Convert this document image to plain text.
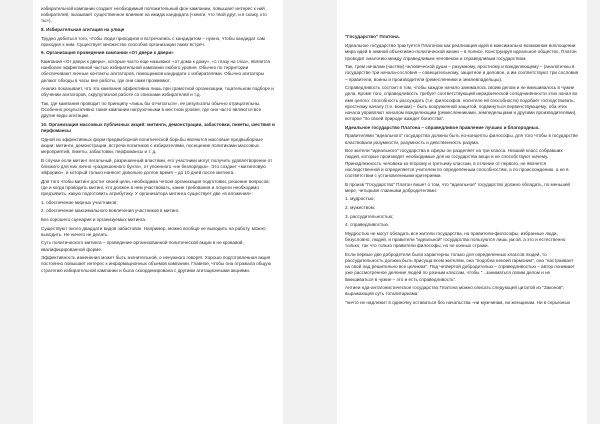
избирательной кампании создает необходимый положительный фон кампании, повышает интерес к ней избирателей, оказывает существенное влияние на имидж кандидата («книги, что твой друг, и я скажу, кто ты»).

8. Избирательная агитация на улице

Трудно добиться того, чтобы люди приходили и встречались с кандидатом – нужно, чтобы кандидат сам приходил к ним. Существует множество способов организации таких встреч.

9. Организация проведения кампании «От двери к двери»

Кампания «От двери к двери», которые часто еще называют «от дома к дому», «с глазу на глаз», является наиболее эффективной частью избирательной кампании любого уровня. Обычно по территории обеспечивают личные контакты агитаторов, помощников кандидата с избирателями. Обычно агитаторы делают обходы в часы вне работы, где они сами проживают.

Анализ показывает, что эта кампания эффективна лишь при грамотной организации, тщательном подборе и обучении агитаторов, скрупулезной работе со списками избирателей и т.д.

Так, где кампания проводит по принципу «лишь бы отчитаться», ее результаты обычно отрицательны. Особенно результативно такие кампании нагрузочными в местном уровне, где они часто являются все другие виды агитации.

10. Организация массовых публичных акций: митинги, демонстрации, забастовки, пикеты, шествия и перфомансы

Одной из эффективных форм предвыборной политической борьбы являются массовые предвыборные акции: митинги, демонстрации, встречи политиков с избирателями, посещение политиками массовых мероприятий, пикеты, забастовки, перфомансы и т. д.

В случае если митинг легальный, разрешенный властями, его участники могут получить удовлетворение от близкого для них лично «разрешенного бунта», от упоенного «не безпорядка». Это создает «митинговую эйфорию», и который только нанесет довольно долгое время – до 10 дней после митинга.

Для того чтобы митинг достиг своей цели, необходима четкая организация подготовки, решение вопросов: где и когда проводить митинг, кто должен в нем участвовать, какие требования и лозунги необходимо предъявить, какую подготовить атрибутику. У организатора митинга существует две «в вложения»:

1. обеспечение мирных участников;

2. обеспечение максимального вовлечения участников в митинг.

Без хорошего сценария и организуемых митинга.

Существуют около двадцати видов забастовок. Например, можно вообще не выходить на работу, можно выходить. Не ничего не делать.

Суть политического митинга – проведение организованной политической акции в не кровавой, квалифицированной форме.

Эффективность изменения может быть значительной, о ненужного говорят. Хорошо подготовленная акция постоянно повышает интерес к информационных объемов кампании. Главное, чтобы она отражала общую стратегию избирательной кампании и была скоординирована с другими агитационными акциями.

"Государство" Платона.

Идеальное государство трактуется Платоном как реализация идей в максимально возможном воплощении мира идей в земной объективно-политической жизни – в полисе. Конструируя идеальное общество, Платон проводит аналогию между справедливым человеком и справедливым государством.

Так, трем началам (частям) человеческой души – разумному, яростному и вожделеющему – (аналогичны в государстве три начала-сословия – совещательному, защитное и деловое, а им соответствуют три сословия – правители, воины и производители (ремесленники и землевладельцы).

Справедливость состоит в том, чтобы каждое начало занималось своим делом и не вмешивалось в чужие дела. Кроме того, справедливость требует соответствующей иерархической соподчинённости этих начал во имя целого: способность рассуждать (т.е. философов, носителе ей способности) подобает господствовать; яростному началу (т.е. воинам) – быть вооруженной защитой, подвинуться первенствующему; оба этих начала управляют началом вожделеющим (ремесленниками, земледельцами и другими производителями), которое "по своей природе жаждет богатства".

Идеальное государство Платона – справедливое правление лучших и благородных.

Правителями "идеального" государства должны быть но-концепты философы, для того чтобы в государстве властвовали разумности, разумность и девственность разума.

Все жители "идеального" государства в сферы он разделяет на три класса. Низший класс собравших людей, которые производят необходимые для их государства вещи и не способствуют ничему. Принадлежность человека ко второму и третьему классам, в отличие от первого, не является наследственной и определяется учителем по определённым способностям, а по происхождению, а не в соответствии с установленными критериями.

В произв "Государство" Платон пишет о том, что "идеальное" государство должно обладать, по меньшей мере, четырьмя главными добродетелями:

1. мудростью;

2. мужеством;

3. рассудительностью;

4. справедливостью.

Мудростью не могут обладать все жители государства, но правители-философы, избранные люди, безусловно, людей, и правители "идеальной" государства пользуются лишь ум.ой. а это и естественно только, так что только правители философы, но не конных стражи.

Если первые две добродетели были характерны только для определенных классов людей, то рассудительность должна быть присуща всем жителям, она "подобна некоей гармонии", она "настраивает на свой лад решительно все целиком". Под четвертой добродетелью – справедливостью – автор понимает уже рассмотренное деление людей по разным классам, чтобы "...заниматься своим делом и не вмешиваться в чужие – это и есть справедливость".

Антиеи нда-антагонистическое государство Платона можно описать следующей цитатой из "Законов", выражающей суть тоталитаризма:

"ничто не надлежит в одиночку оставаться без начальства –ни мужчинам, ни женщинам. Ни в серьезных
